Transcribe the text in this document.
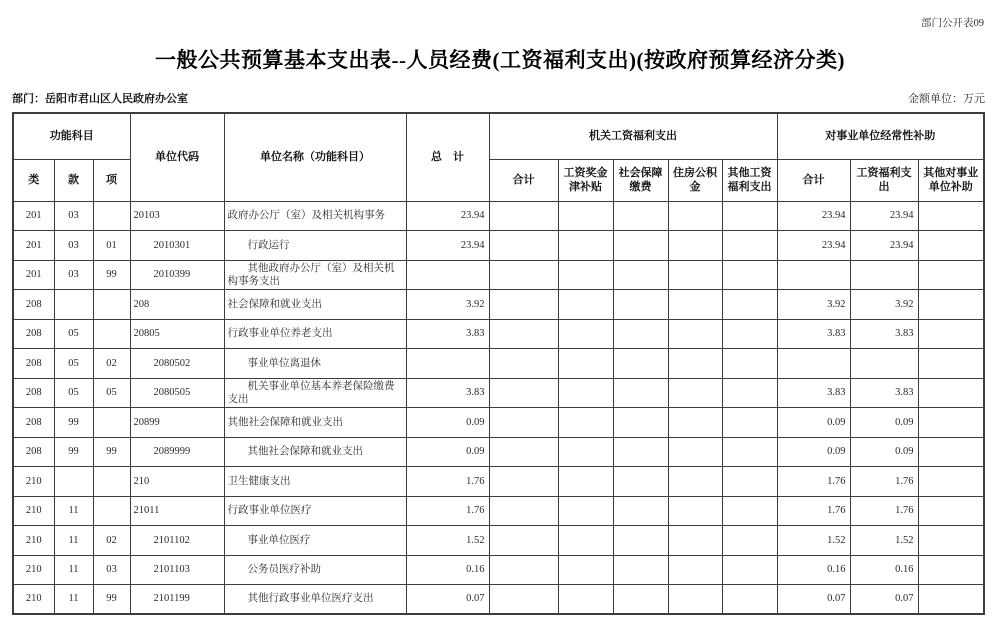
部门公开表09
一般公共预算基本支出表--人员经费(工资福利支出)(按政府预算经济分类)
部门：岳阳市君山区人民政府办公室	金额单位：万元
功能科目			单位代码	单位名称（功能科目）	总　计	机关工资福利支出					对事业单位经常性补助		
类	款	项				合计	工资奖金津补贴	社会保障缴费	住房公积金	其他工资福利支出	合计	工资福利支出	其他对事业单位补助
201	03		20103	政府办公厅（室）及相关机构事务	23.94						23.94	23.94	
201	03	01	2010301	行政运行	23.94						23.94	23.94	
201	03	99	2010399	其他政府办公厅（室）及相关机构事务支出									
208			208	社会保障和就业支出	3.92						3.92	3.92	
208	05		20805	行政事业单位养老支出	3.83						3.83	3.83	
208	05	02	2080502	事业单位离退休									
208	05	05	2080505	机关事业单位基本养老保险缴费支出	3.83						3.83	3.83	
208	99		20899	其他社会保障和就业支出	0.09						0.09	0.09	
208	99	99	2089999	其他社会保障和就业支出	0.09						0.09	0.09	
210			210	卫生健康支出	1.76						1.76	1.76	
210	11		21011	行政事业单位医疗	1.76						1.76	1.76	
210	11	02	2101102	事业单位医疗	1.52						1.52	1.52	
210	11	03	2101103	公务员医疗补助	0.16						0.16	0.16	
210	11	99	2101199	其他行政事业单位医疗支出	0.07						0.07	0.07	
